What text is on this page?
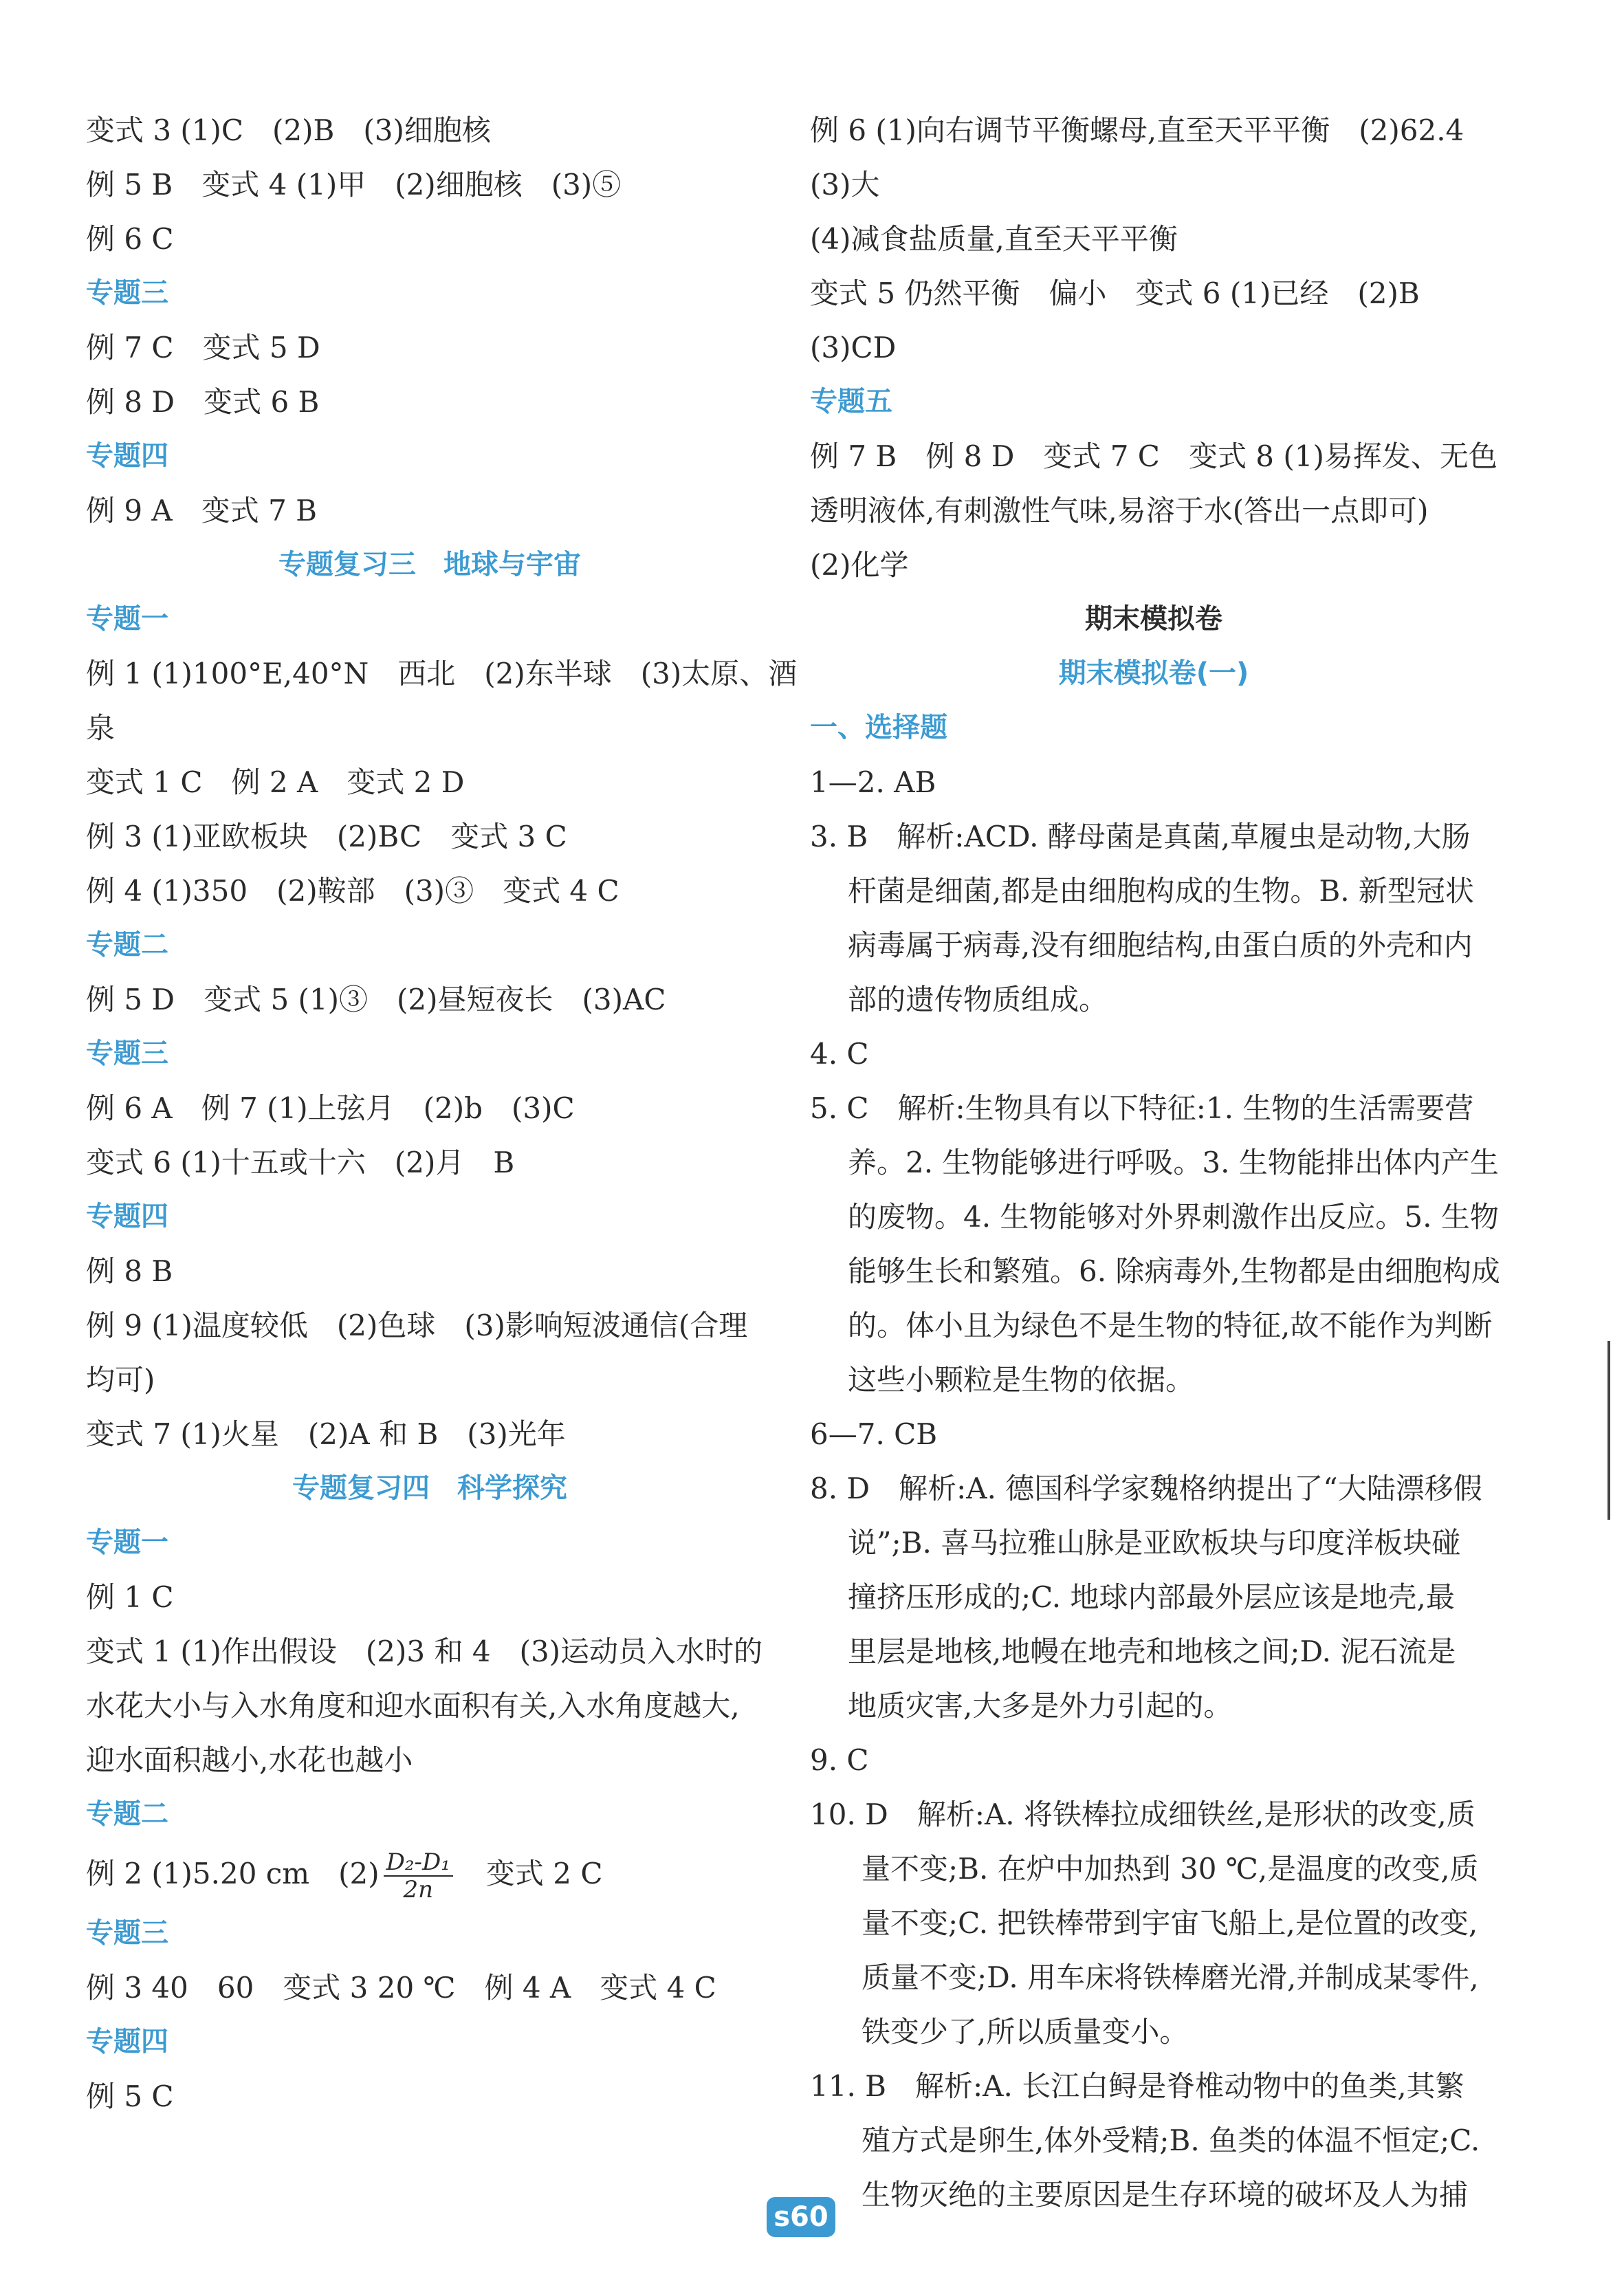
变式 3 (1)C　(2)B　(3)细胞核
例 5 B　变式 4 (1)甲　(2)细胞核　(3)⑤
例 6 C
专题三
例 7 C　变式 5 D
例 8 D　变式 6 B
专题四
例 9 A　变式 7 B
专题复习三　地球与宇宙
专题一
例 1 (1)100°E,40°N　西北　(2)东半球　(3)太原、酒
泉
变式 1 C　例 2 A　变式 2 D
例 3 (1)亚欧板块　(2)BC　变式 3 C
例 4 (1)350　(2)鞍部　(3)③　变式 4 C
专题二
例 5 D　变式 5 (1)③　(2)昼短夜长　(3)AC
专题三
例 6 A　例 7 (1)上弦月　(2)b　(3)C
变式 6 (1)十五或十六　(2)月　B
专题四
例 8 B
例 9 (1)温度较低　(2)色球　(3)影响短波通信(合理
均可)
变式 7 (1)火星　(2)A 和 B　(3)光年
专题复习四　科学探究
专题一
例 1 C
变式 1 (1)作出假设　(2)3 和 4　(3)运动员入水时的
水花大小与入水角度和迎水面积有关,入水角度越大,
迎水面积越小,水花也越小
专题二
例 2 (1)5.20 cm　$(2) \frac{\text{D₂-D₁}}{2n}$ 　变式 2 C
专题三
例 3 40　60　变式 3 20 ℃　例 4 A　变式 4 C
专题四
例 5 C
例 6 (1)向右调节平衡螺母,直至天平平衡　(2)62.4
(3)大
(4)减食盐质量,直至天平平衡
变式 5 仍然平衡　偏小　变式 6 (1)已经　(2)B
(3)CD
专题五
例 7 B　例 8 D　变式 7 C　变式 8 (1)易挥发、无色
透明液体,有刺激性气味,易溶于水(答出一点即可)
(2)化学
期末模拟卷
期末模拟卷(一)
一、选择题
1—2. AB
3. B　解析:ACD. 酵母菌是真菌,草履虫是动物,大肠
杆菌是细菌,都是由细胞构成的生物。B. 新型冠状
病毒属于病毒,没有细胞结构,由蛋白质的外壳和内
部的遗传物质组成。
4. C
5. C　解析:生物具有以下特征:1. 生物的生活需要营
养。2. 生物能够进行呼吸。3. 生物能排出体内产生
的废物。4. 生物能够对外界刺激作出反应。5. 生物
能够生长和繁殖。6. 除病毒外,生物都是由细胞构成
的。体小且为绿色不是生物的特征,故不能作为判断
这些小颗粒是生物的依据。
6—7. CB
8. D　解析:A. 德国科学家魏格纳提出了“大陆漂移假
说”;B. 喜马拉雅山脉是亚欧板块与印度洋板块碰
撞挤压形成的;C. 地球内部最外层应该是地壳,最
里层是地核,地幔在地壳和地核之间;D. 泥石流是
地质灾害,大多是外力引起的。
9. C
10. D　解析:A. 将铁棒拉成细铁丝,是形状的改变,质
量不变;B. 在炉中加热到 30 ℃,是温度的改变,质
量不变;C. 把铁棒带到宇宙飞船上,是位置的改变,
质量不变;D. 用车床将铁棒磨光滑,并制成某零件,
铁变少了,所以质量变小。
11. B　解析:A. 长江白鲟是脊椎动物中的鱼类,其繁
殖方式是卵生,体外受精;B. 鱼类的体温不恒定;C.
生物灭绝的主要原因是生存环境的破坏及人为捕
s60
